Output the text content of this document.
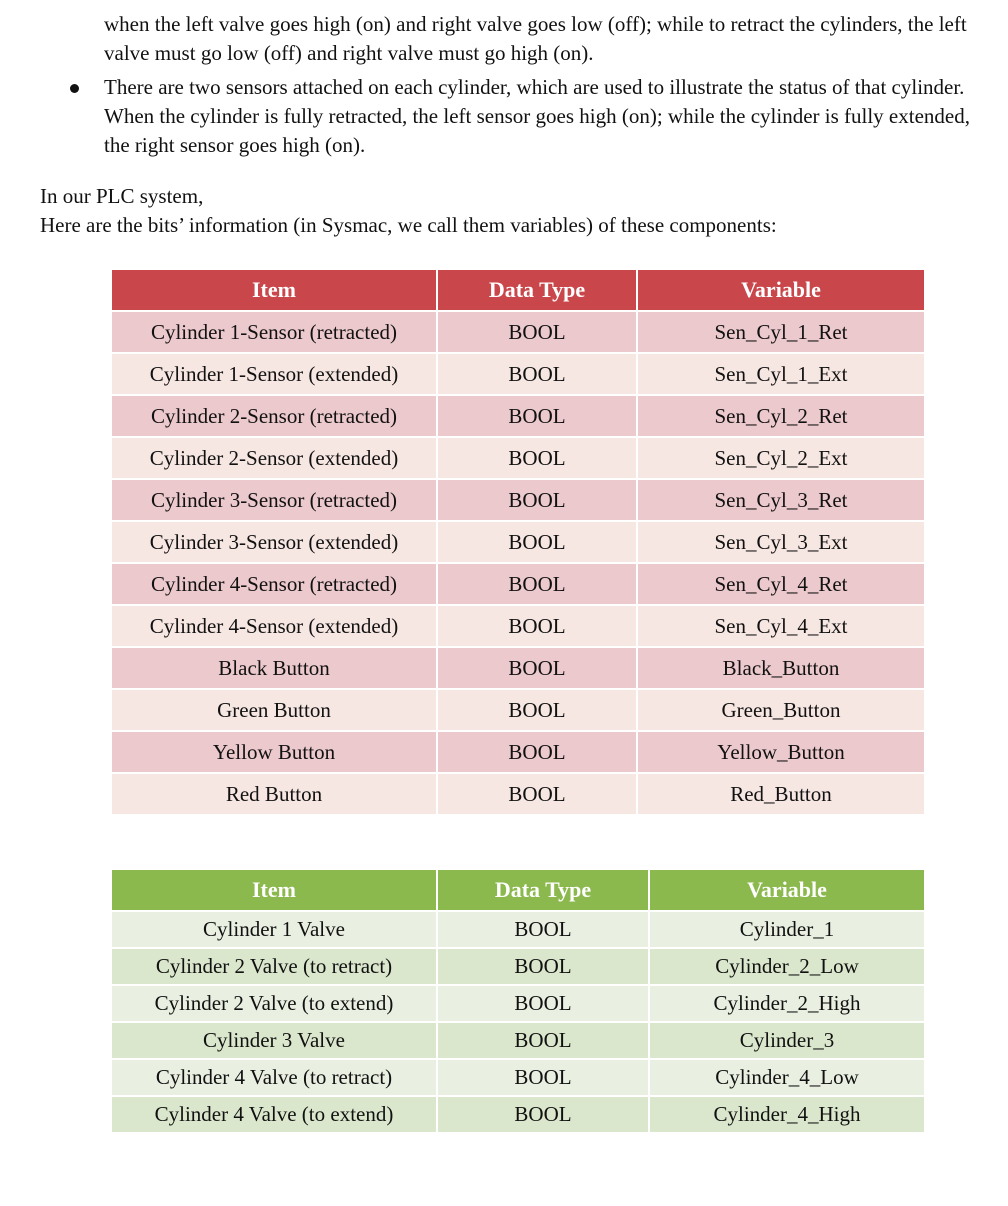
when the left valve goes high (on) and right valve goes low (off); while to retract the cylinders, the left valve must go low (off) and right valve must go high (on).
There are two sensors attached on each cylinder, which are used to illustrate the status of that cylinder. When the cylinder is fully retracted, the left sensor goes high (on); while the cylinder is fully extended, the right sensor goes high (on).
In our PLC system,
Here are the bits’ information (in Sysmac, we call them variables) of these components:
Item	Data Type	Variable
Cylinder 1-Sensor (retracted)	BOOL	Sen_Cyl_1_Ret
Cylinder 1-Sensor (extended)	BOOL	Sen_Cyl_1_Ext
Cylinder 2-Sensor (retracted)	BOOL	Sen_Cyl_2_Ret
Cylinder 2-Sensor (extended)	BOOL	Sen_Cyl_2_Ext
Cylinder 3-Sensor (retracted)	BOOL	Sen_Cyl_3_Ret
Cylinder 3-Sensor (extended)	BOOL	Sen_Cyl_3_Ext
Cylinder 4-Sensor (retracted)	BOOL	Sen_Cyl_4_Ret
Cylinder 4-Sensor (extended)	BOOL	Sen_Cyl_4_Ext
Black Button	BOOL	Black_Button
Green Button	BOOL	Green_Button
Yellow Button	BOOL	Yellow_Button
Red Button	BOOL	Red_Button
Item	Data Type	Variable
Cylinder 1 Valve	BOOL	Cylinder_1
Cylinder 2 Valve (to retract)	BOOL	Cylinder_2_Low
Cylinder 2 Valve (to extend)	BOOL	Cylinder_2_High
Cylinder 3 Valve	BOOL	Cylinder_3
Cylinder 4 Valve (to retract)	BOOL	Cylinder_4_Low
Cylinder 4 Valve (to extend)	BOOL	Cylinder_4_High
